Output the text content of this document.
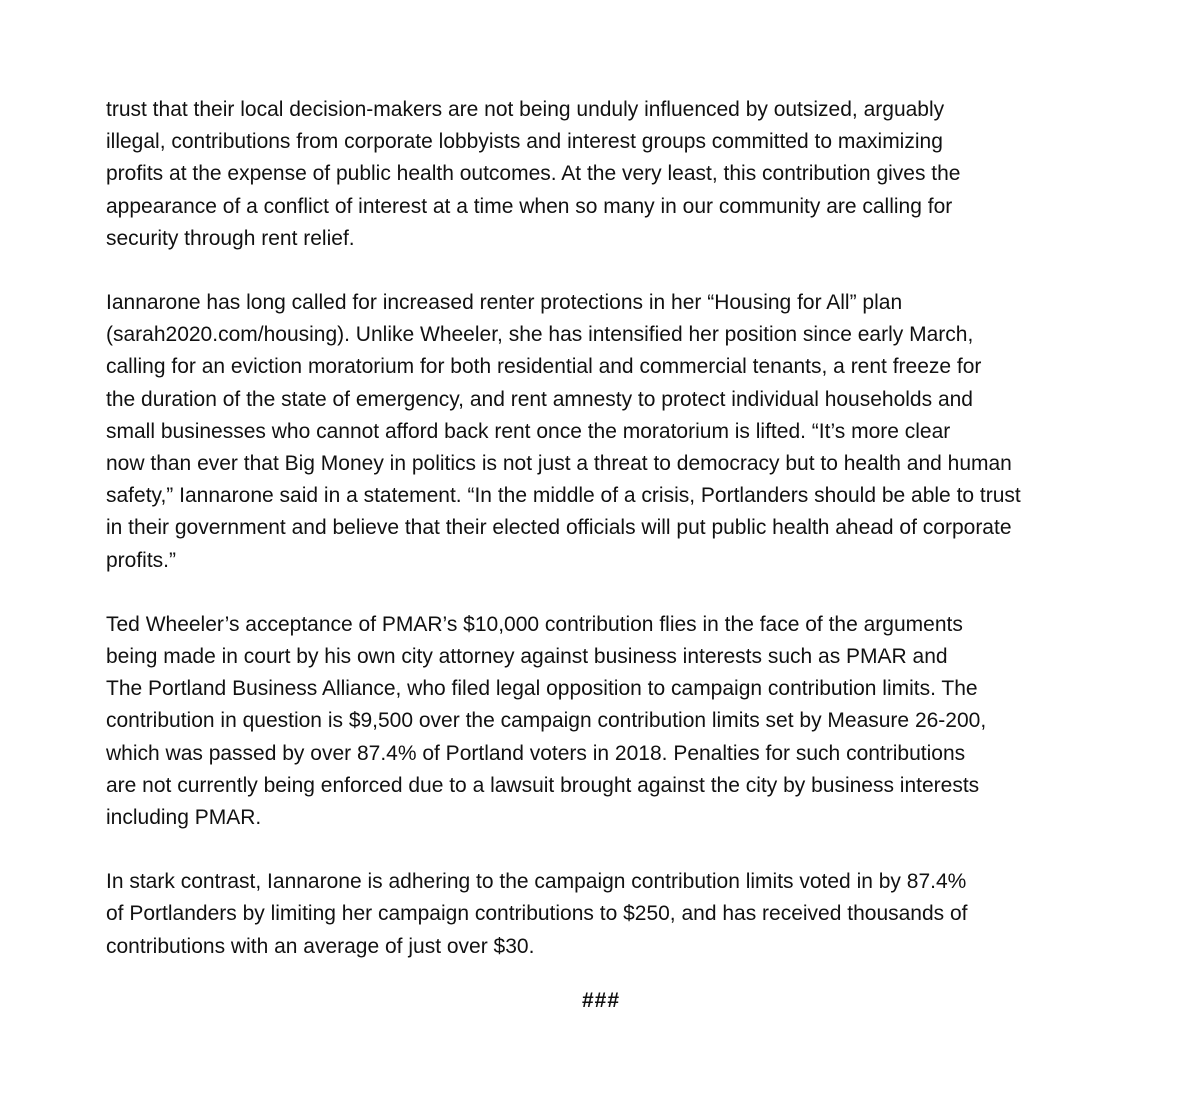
trust that their local decision-makers are not being unduly influenced by outsized, arguably
illegal, contributions from corporate lobbyists and interest groups committed to maximizing
profits at the expense of public health outcomes. At the very least, this contribution gives the
appearance of a conflict of interest at a time when so many in our community are calling for
security through rent relief.

Iannarone has long called for increased renter protections in her “Housing for All” plan
(sarah2020.com/housing). Unlike Wheeler, she has intensified her position since early March,
calling for an eviction moratorium for both residential and commercial tenants, a rent freeze for
the duration of the state of emergency, and rent amnesty to protect individual households and
small businesses who cannot afford back rent once the moratorium is lifted. “It’s more clear
now than ever that Big Money in politics is not just a threat to democracy but to health and human
safety,” Iannarone said in a statement. “In the middle of a crisis, Portlanders should be able to trust
in their government and believe that their elected officials will put public health ahead of corporate
profits.”

Ted Wheeler’s acceptance of PMAR’s $10,000 contribution flies in the face of the arguments
being made in court by his own city attorney against business interests such as PMAR and
The Portland Business Alliance, who filed legal opposition to campaign contribution limits. The
contribution in question is $9,500 over the campaign contribution limits set by Measure 26-200,
which was passed by over 87.4% of Portland voters in 2018. Penalties for such contributions
are not currently being enforced due to a lawsuit brought against the city by business interests
including PMAR.

In stark contrast, Iannarone is adhering to the campaign contribution limits voted in by 87.4%
of Portlanders by limiting her campaign contributions to $250, and has received thousands of
contributions with an average of just over $30.

###
